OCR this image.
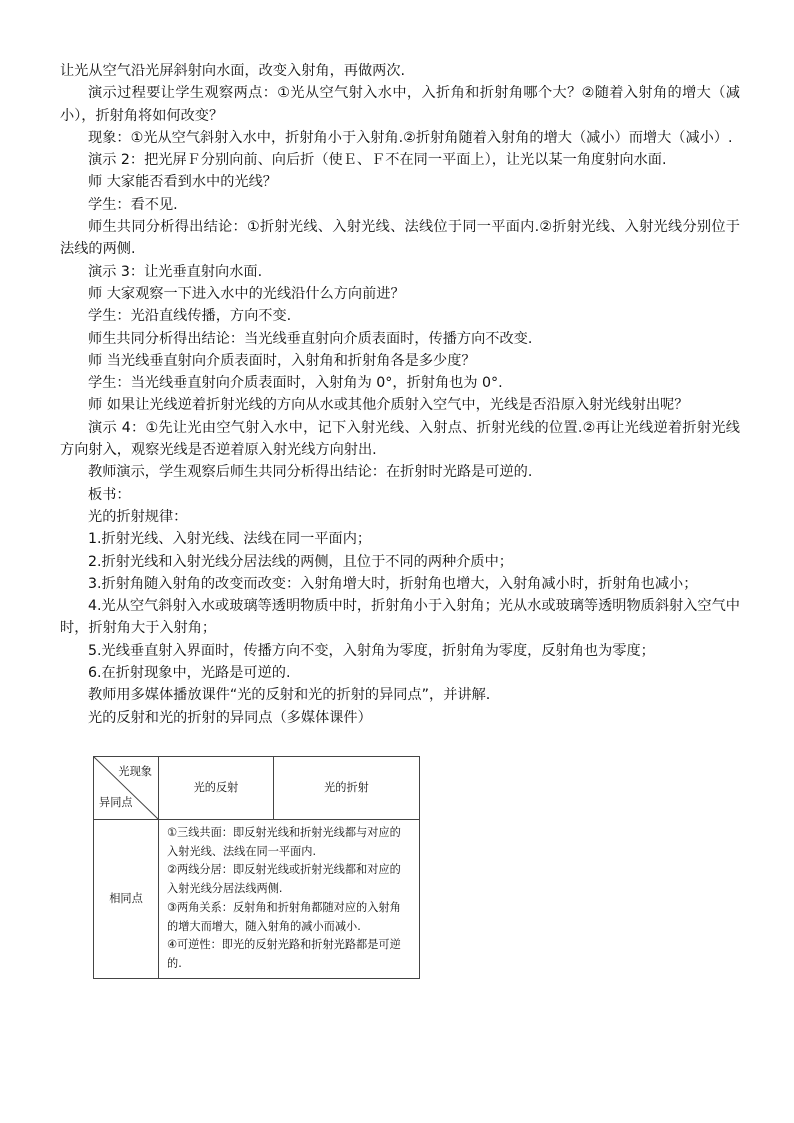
让光从空气沿光屏斜射向水面，改变入射角，再做两次.

演示过程要让学生观察两点：①光从空气射入水中，入折角和折射角哪个大？②随着入射角的增大（减小），折射角将如何改变？

现象：①光从空气斜射入水中，折射角小于入射角.②折射角随着入射角的增大（减小）而增大（减小）.

演示 2：把光屏Ｆ分别向前、向后折（使Ｅ、Ｆ不在同一平面上），让光以某一角度射向水面.

师 大家能否看到水中的光线？

学生：看不见.

师生共同分析得出结论：①折射光线、入射光线、法线位于同一平面内.②折射光线、入射光线分别位于法线的两侧.

演示 3：让光垂直射向水面.

师 大家观察一下进入水中的光线沿什么方向前进？

学生：光沿直线传播，方向不变.

师生共同分析得出结论：当光线垂直射向介质表面时，传播方向不改变.

师 当光线垂直射向介质表面时，入射角和折射角各是多少度？

学生：当光线垂直射向介质表面时，入射角为 0°，折射角也为 0°.

师 如果让光线逆着折射光线的方向从水或其他介质射入空气中，光线是否沿原入射光线射出呢？

演示 4：①先让光由空气射入水中，记下入射光线、入射点、折射光线的位置.②再让光线逆着折射光线方向射入，观察光线是否逆着原入射光线方向射出.

教师演示，学生观察后师生共同分析得出结论：在折射时光路是可逆的.

板书：

光的折射规律：

1.折射光线、入射光线、法线在同一平面内；

2.折射光线和入射光线分居法线的两侧，且位于不同的两种介质中；

3.折射角随入射角的改变而改变：入射角增大时，折射角也增大，入射角减小时，折射角也减小；

4.光从空气斜射入水或玻璃等透明物质中时，折射角小于入射角；光从水或玻璃等透明物质斜射入空气中时，折射角大于入射角；

5.光线垂直射入界面时，传播方向不变，入射角为零度，折射角为零度，反射角也为零度；

6.在折射现象中，光路是可逆的.

教师用多媒体播放课件“光的反射和光的折射的异同点”，并讲解.

光的反射和光的折射的异同点（多媒体课件）

光现象
异同点	光的反射	光的折射
相同点	①三线共面：即反射光线和折射光线都与对应的入射光线、法线在同一平面内.
②两线分居：即反射光线或折射光线都和对应的入射光线分居法线两侧.
③两角关系：反射角和折射角都随对应的入射角的增大而增大，随入射角的减小而减小.
④可逆性：即光的反射光路和折射光路都是可逆的.	
